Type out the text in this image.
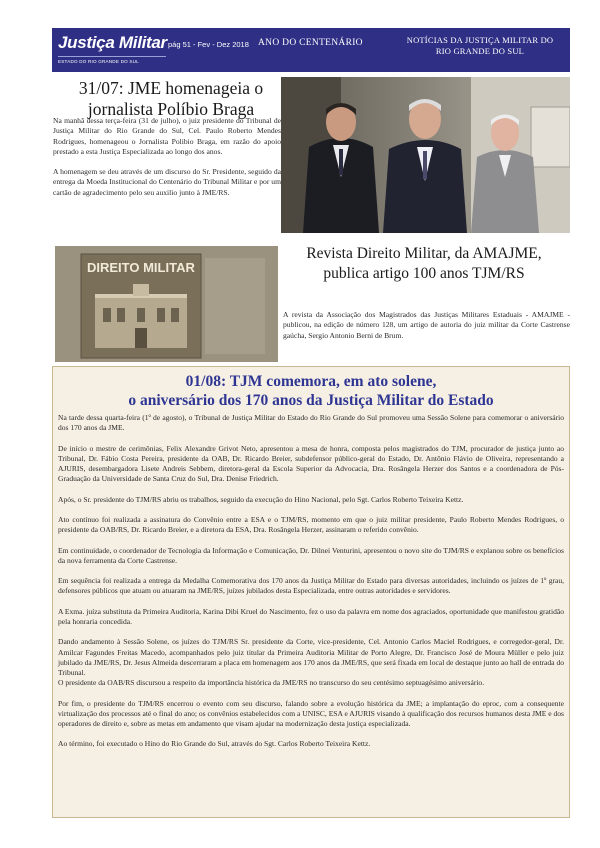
Justiça Militar
ESTADO DO RIO GRANDE DO SUL
pág 51 - Fev - Dez 2018 ANO DO CENTENÁRIO	NOTÍCIAS DA JUSTIÇA MILITAR DO RIO GRANDE DO SUL
31/07: JME homenageia o jornalista Políbio Braga

Na manhã dessa terça-feira (31 de julho), o juiz presidente do Tribunal de Justiça Militar do Rio Grande do Sul, Cel. Paulo Roberto Mendes Rodrigues, homenageou o Jornalista Polibio Braga, em razão do apoio prestado a esta Justiça Especializada ao longo dos anos.

A homenagem se deu através de um discurso do Sr. Presidente, seguido da entrega da Moeda Institucional do Centenário do Tribunal Militar e por um cartão de agradecimento pelo seu auxilio junto à JME/RS.

DIREITO MILITAR
Revista Direito Militar, da AMAJME, publica artigo 100 anos TJM/RS
A revista da Associação dos Magistrados das Justiças Militares Estaduais - AMAJME - publicou, na edição de número 128, um artigo de autoria do juiz militar da Corte Castrense gaúcha, Sergio Antonio Berni de Brum.
01/08: TJM comemora, em ato solene,
o aniversário dos 170 anos da Justiça Militar do Estado

Na tarde dessa quarta-feira (1º de agosto), o Tribunal de Justiça Militar do Estado do Rio Grande do Sul promoveu uma Sessão Solene para comemorar o aniversário dos 170 anos da JME.

De início o mestre de cerimônias, Felix Alexandre Grivot Neto, apresentou a mesa de honra, composta pelos magistrados do TJM, procurador de justiça junto ao Tribunal, Dr. Fábio Costa Pereira, presidente da OAB, Dr. Ricardo Breier, subdefensor público-geral do Estado, Dr. Antônio Flávio de Oliveira, representando a AJURIS, desembargadora Lisete Andreis Sebbem, diretora-geral da Escola Superior da Advocacia, Dra. Rosângela Herzer dos Santos e a coordenadora de Pós-Graduação da Universidade de Santa Cruz do Sul, Dra. Denise Friedrich.

Após, o Sr. presidente do TJM/RS abriu os trabalhos, seguido da execução do Hino Nacional, pelo Sgt. Carlos Roberto Teixeira Kettz.

Ato contínuo foi realizada a assinatura do Convênio entre a ESA e o TJM/RS, momento em que o juiz militar presidente, Paulo Roberto Mendes Rodrigues, o presidente da OAB/RS, Dr. Ricardo Breier, e a diretora da ESA, Dra. Rosângela Herzer, assinaram o referido convênio.

Em continuidade, o coordenador de Tecnologia da Informação e Comunicação, Dr. Dilnei Venturini, apresentou o novo site do TJM/RS e explanou sobre os benefícios da nova ferramenta da Corte Castrense.

Em sequência foi realizada a entrega da Medalha Comemorativa dos 170 anos da Justiça Militar do Estado para diversas autoridades, incluindo os juízes de 1º grau, defensores públicos que atuam ou atuaram na JME/RS, juízes jubilados desta Especializada, entre outras autoridades e servidores.

A Exma. juíza substituta da Primeira Auditoria, Karina Dibi Kruel do Nascimento, fez o uso da palavra em nome dos agraciados, oportunidade que manifestou gratidão pela honraria concedida.

Dando andamento à Sessão Solene, os juízes do TJM/RS Sr. presidente da Corte, vice-presidente, Cel. Antonio Carlos Maciel Rodrigues, e corregedor-geral, Dr. Amilcar Fagundes Freitas Macedo, acompanhados pelo juiz titular da Primeira Auditoria Militar de Porto Alegre, Dr. Francisco José de Moura Müller e pelo juiz jubilado da JME/RS, Dr. Jesus Almeida descerraram a placa em homenagem aos 170 anos da JME/RS, que será fixada em local de destaque junto ao hall de entrada do Tribunal.

O presidente da OAB/RS discursou a respeito da importância histórica da JME/RS no transcurso do seu centésimo septuagésimo aniversário.

Por fim, o presidente do TJM/RS encerrou o evento com seu discurso, falando sobre a evolução histórica da JME; a implantação do eproc, com a consequente virtualização dos processos até o final do ano; os convênios estabelecidos com a UNISC, ESA e AJURIS visando à qualificação dos recursos humanos desta JME e dos operadores de direito e, sobre as metas em andamento que visam ajudar na modernização desta justiça especializada.

Ao término, foi executado o Hino do Rio Grande do Sul, através do Sgt. Carlos Roberto Teixeira Kettz.
